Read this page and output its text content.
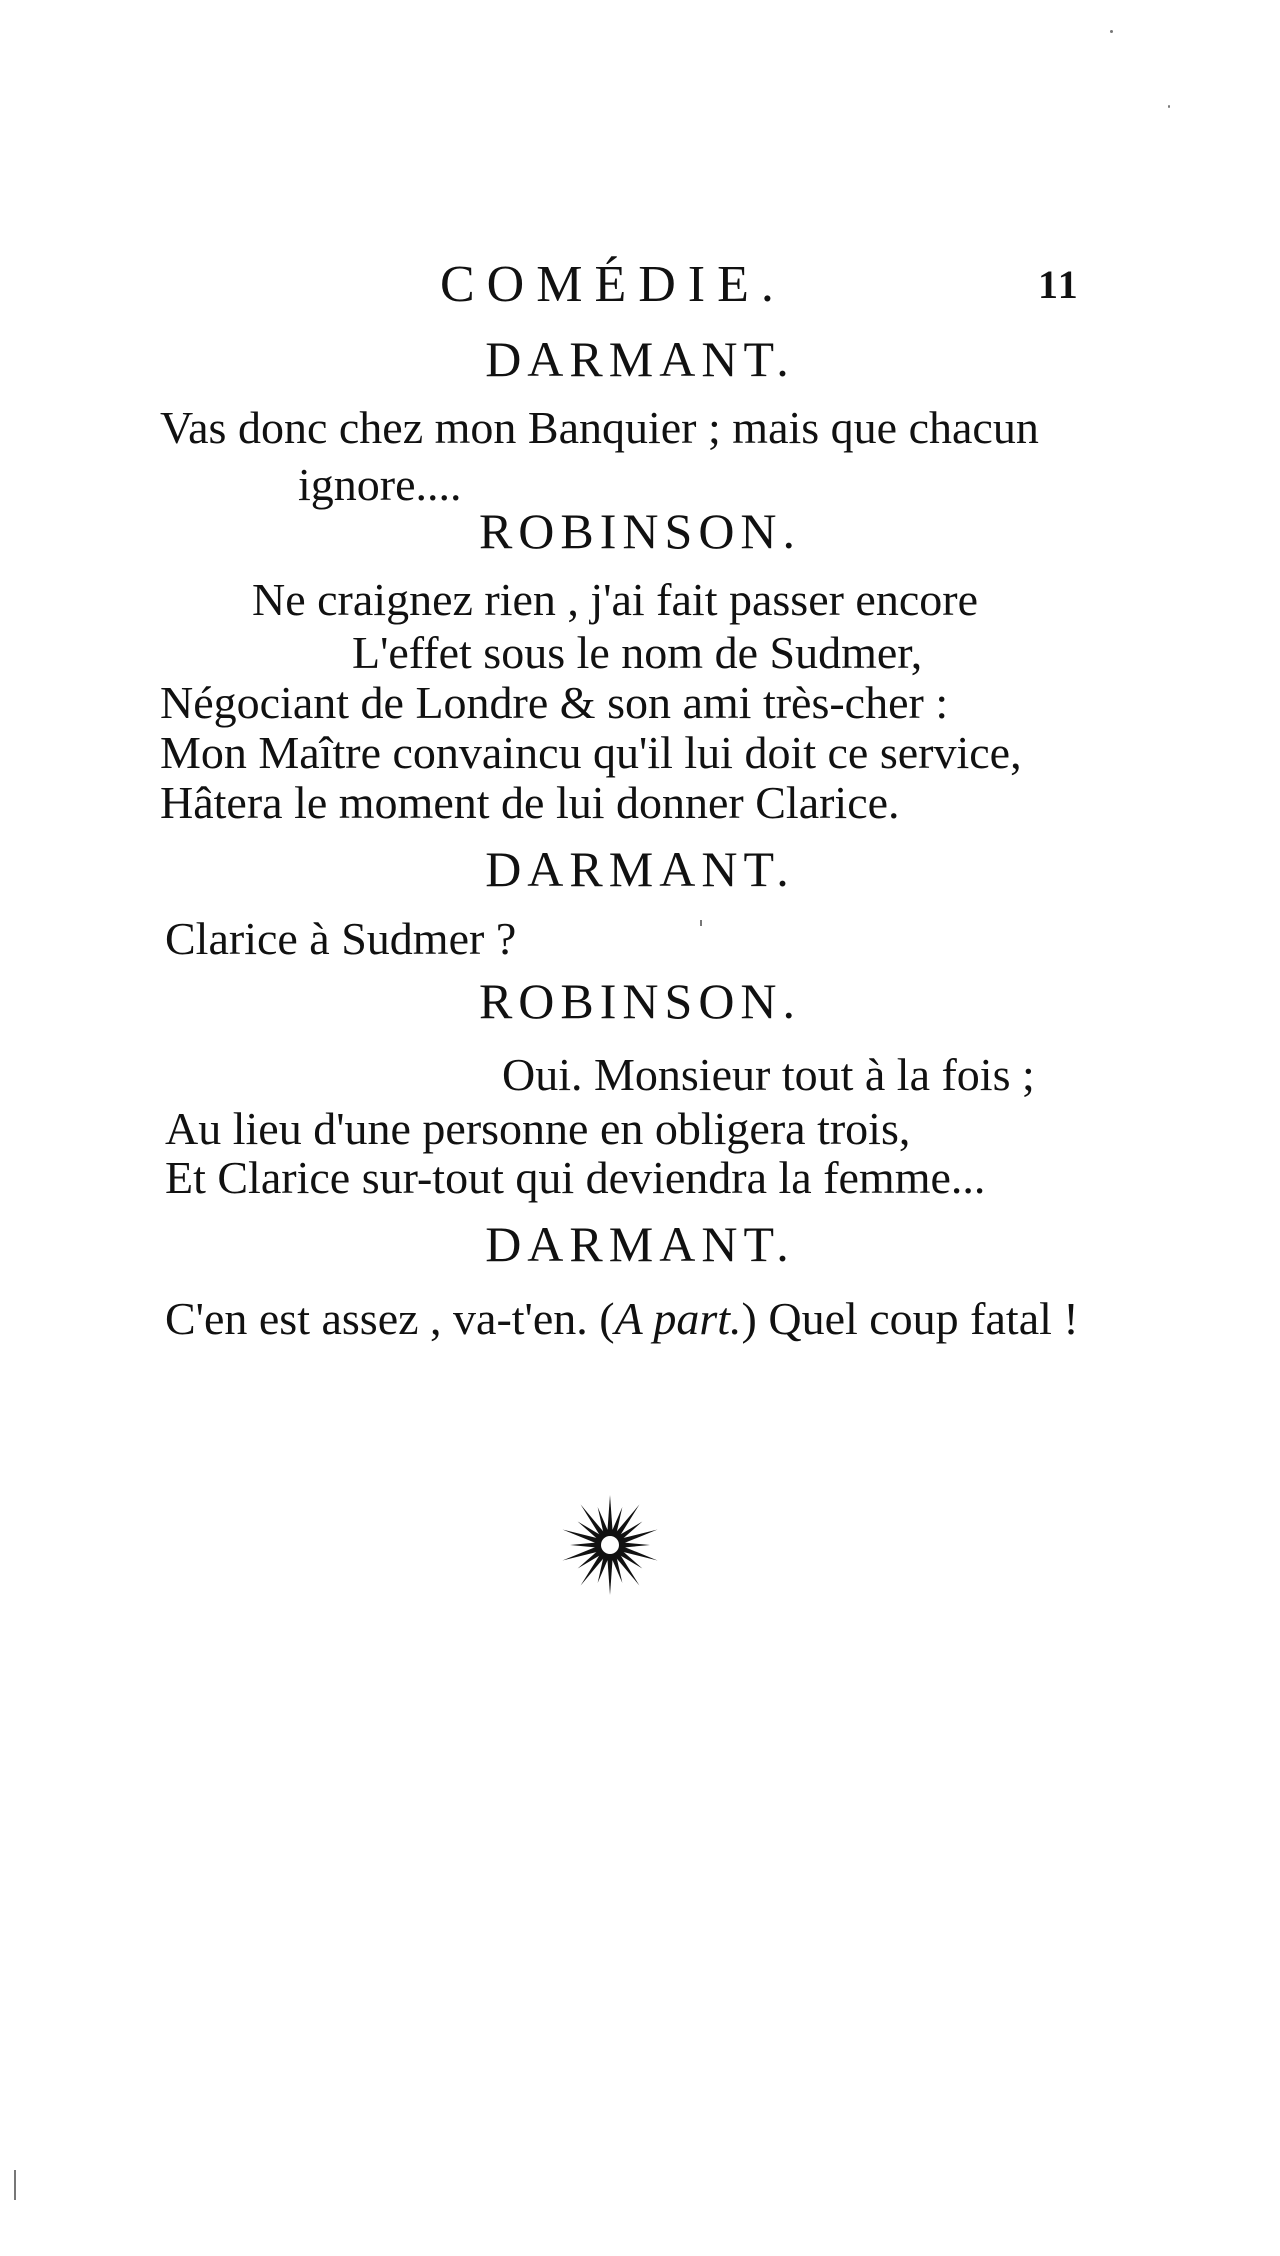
COMÉDIE.	11
DARMANT.
Vas donc chez mon Banquier ; mais que chacun
ignore....
ROBINSON.
Ne craignez rien , j'ai fait passer encore
L'effet sous le nom de Sudmer,
Négociant de Londre & son ami très-cher :
Mon Maître convaincu qu'il lui doit ce service,
Hâtera le moment de lui donner Clarice.
DARMANT.
Clarice à Sudmer ?
ROBINSON.
Oui. Monsieur tout à la fois ;
Au lieu d'une personne en obligera trois,
Et Clarice sur-tout qui deviendra la femme...
DARMANT.
C'en est assez , va-t'en. (A part.) Quel coup fatal !
